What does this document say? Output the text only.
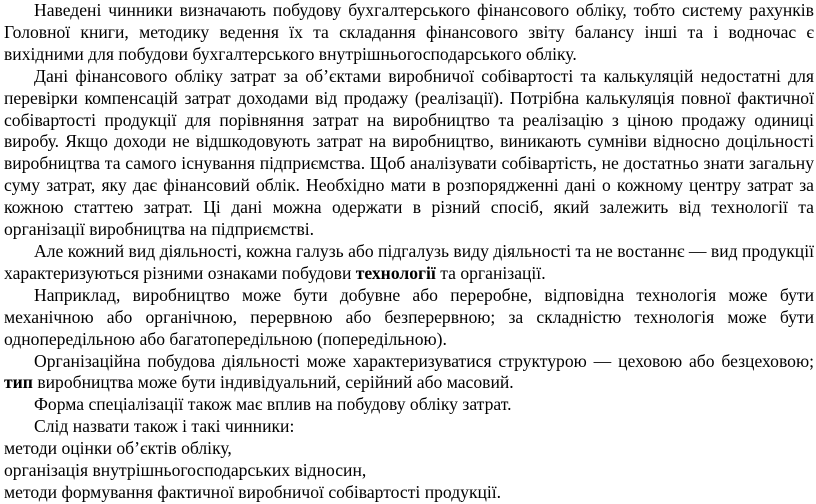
Наведені чинники визначають побудову бухгалтерського фінансового обліку, тобто систему рахунків Головної книги, методику ведення їх та складання фінансового звіту балансу інші та і водночас є вихідними для побудови бухгалтерського внутрішньогосподарського обліку.

Дані фінансового обліку затрат за об’єктами виробничої собівартості та калькуляцій недостатні для перевірки компенсацій затрат доходами від продажу (реалізації). Потрібна калькуляція повної фактичної собівартості продукції для порівняння затрат на виробництво та реалізацію з ціною продажу одиниці виробу. Якщо доходи не відшкодовують затрат на виробництво, виникають сумніви відносно доцільності виробництва та самого існування підприємства. Щоб аналізувати собівартість, не достатньо знати загальну суму затрат, яку дає фінансовий облік. Необхідно мати в розпорядженні дані о кожному центру затрат за кожною статтею затрат. Ці дані можна одержати в різний спосіб, який залежить від технології та організації виробництва на підприємстві.

Але кожний вид діяльності, кожна галузь або підгалузь виду діяльності та не востаннє — вид продукції характеризуються різними ознаками побудови технології та організації.

Наприклад, виробництво може бути добувне або переробне, відповідна технологія може бути механічною або органічною, перервною або безперервною; за складністю технологія може бути однопередільною або багатопередільною (попередільною).

Організаційна побудова діяльності може характеризуватися структурою — цеховою або безцеховою; тип виробництва може бути індивідуальний, серійний або масовий.

Форма спеціалізації також має вплив на побудову обліку затрат.

Слід назвати також і такі чинники:

методи оцінки об’єктів обліку,

організація внутрішньогосподарських відносин,

методи формування фактичної виробничої собівартості продукції.
